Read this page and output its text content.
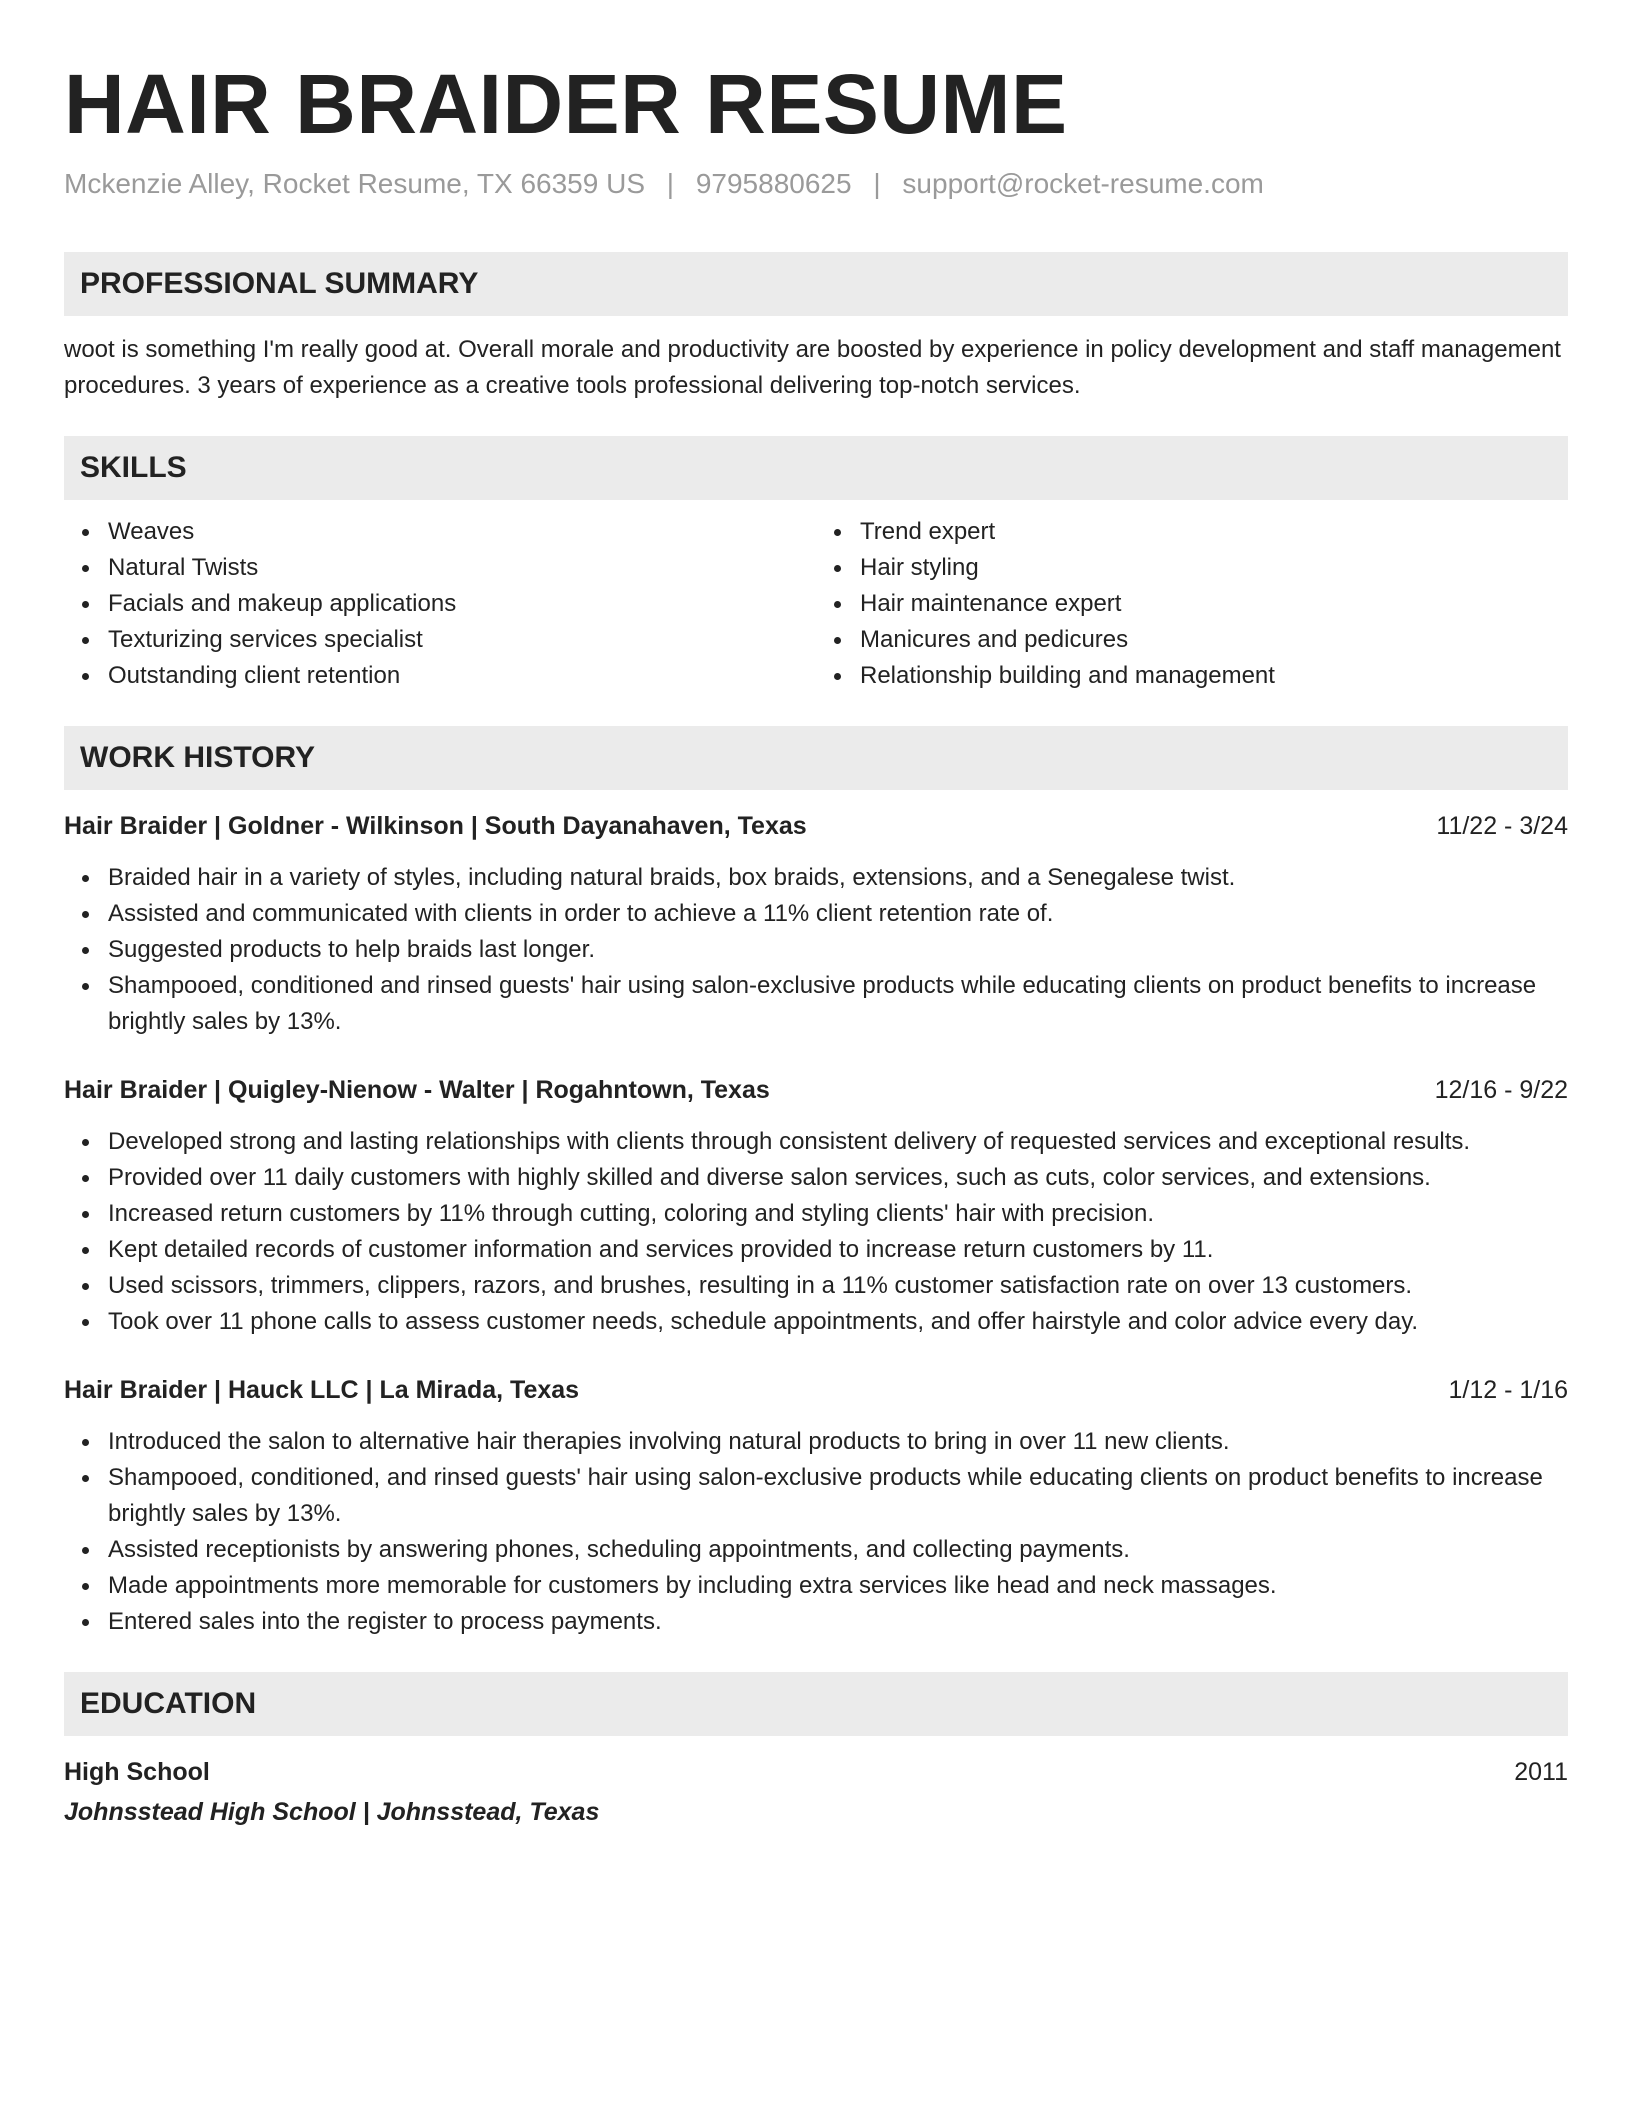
HAIR BRAIDER RESUME
Mckenzie Alley, Rocket Resume, TX 66359 US | 9795880625 | support@rocket-resume.com
PROFESSIONAL SUMMARY
woot is something I'm really good at. Overall morale and productivity are boosted by experience in policy development and staff management procedures. 3 years of experience as a creative tools professional delivering top-notch services.
SKILLS
Weaves
Natural Twists
Facials and makeup applications
Texturizing services specialist
Outstanding client retention
Trend expert
Hair styling
Hair maintenance expert
Manicures and pedicures
Relationship building and management
WORK HISTORY
Hair Braider | Goldner - Wilkinson | South Dayanahaven, Texas	11/22 - 3/24
Braided hair in a variety of styles, including natural braids, box braids, extensions, and a Senegalese twist.
Assisted and communicated with clients in order to achieve a 11% client retention rate of.
Suggested products to help braids last longer.
Shampooed, conditioned and rinsed guests' hair using salon-exclusive products while educating clients on product benefits to increase brightly sales by 13%.
Hair Braider | Quigley-Nienow - Walter | Rogahntown, Texas	12/16 - 9/22
Developed strong and lasting relationships with clients through consistent delivery of requested services and exceptional results.
Provided over 11 daily customers with highly skilled and diverse salon services, such as cuts, color services, and extensions.
Increased return customers by 11% through cutting, coloring and styling clients' hair with precision.
Kept detailed records of customer information and services provided to increase return customers by 11.
Used scissors, trimmers, clippers, razors, and brushes, resulting in a 11% customer satisfaction rate on over 13 customers.
Took over 11 phone calls to assess customer needs, schedule appointments, and offer hairstyle and color advice every day.
Hair Braider | Hauck LLC | La Mirada, Texas	1/12 - 1/16
Introduced the salon to alternative hair therapies involving natural products to bring in over 11 new clients.
Shampooed, conditioned, and rinsed guests' hair using salon-exclusive products while educating clients on product benefits to increase brightly sales by 13%.
Assisted receptionists by answering phones, scheduling appointments, and collecting payments.
Made appointments more memorable for customers by including extra services like head and neck massages.
Entered sales into the register to process payments.
EDUCATION
High School	2011
Johnsstead High School | Johnsstead, Texas
